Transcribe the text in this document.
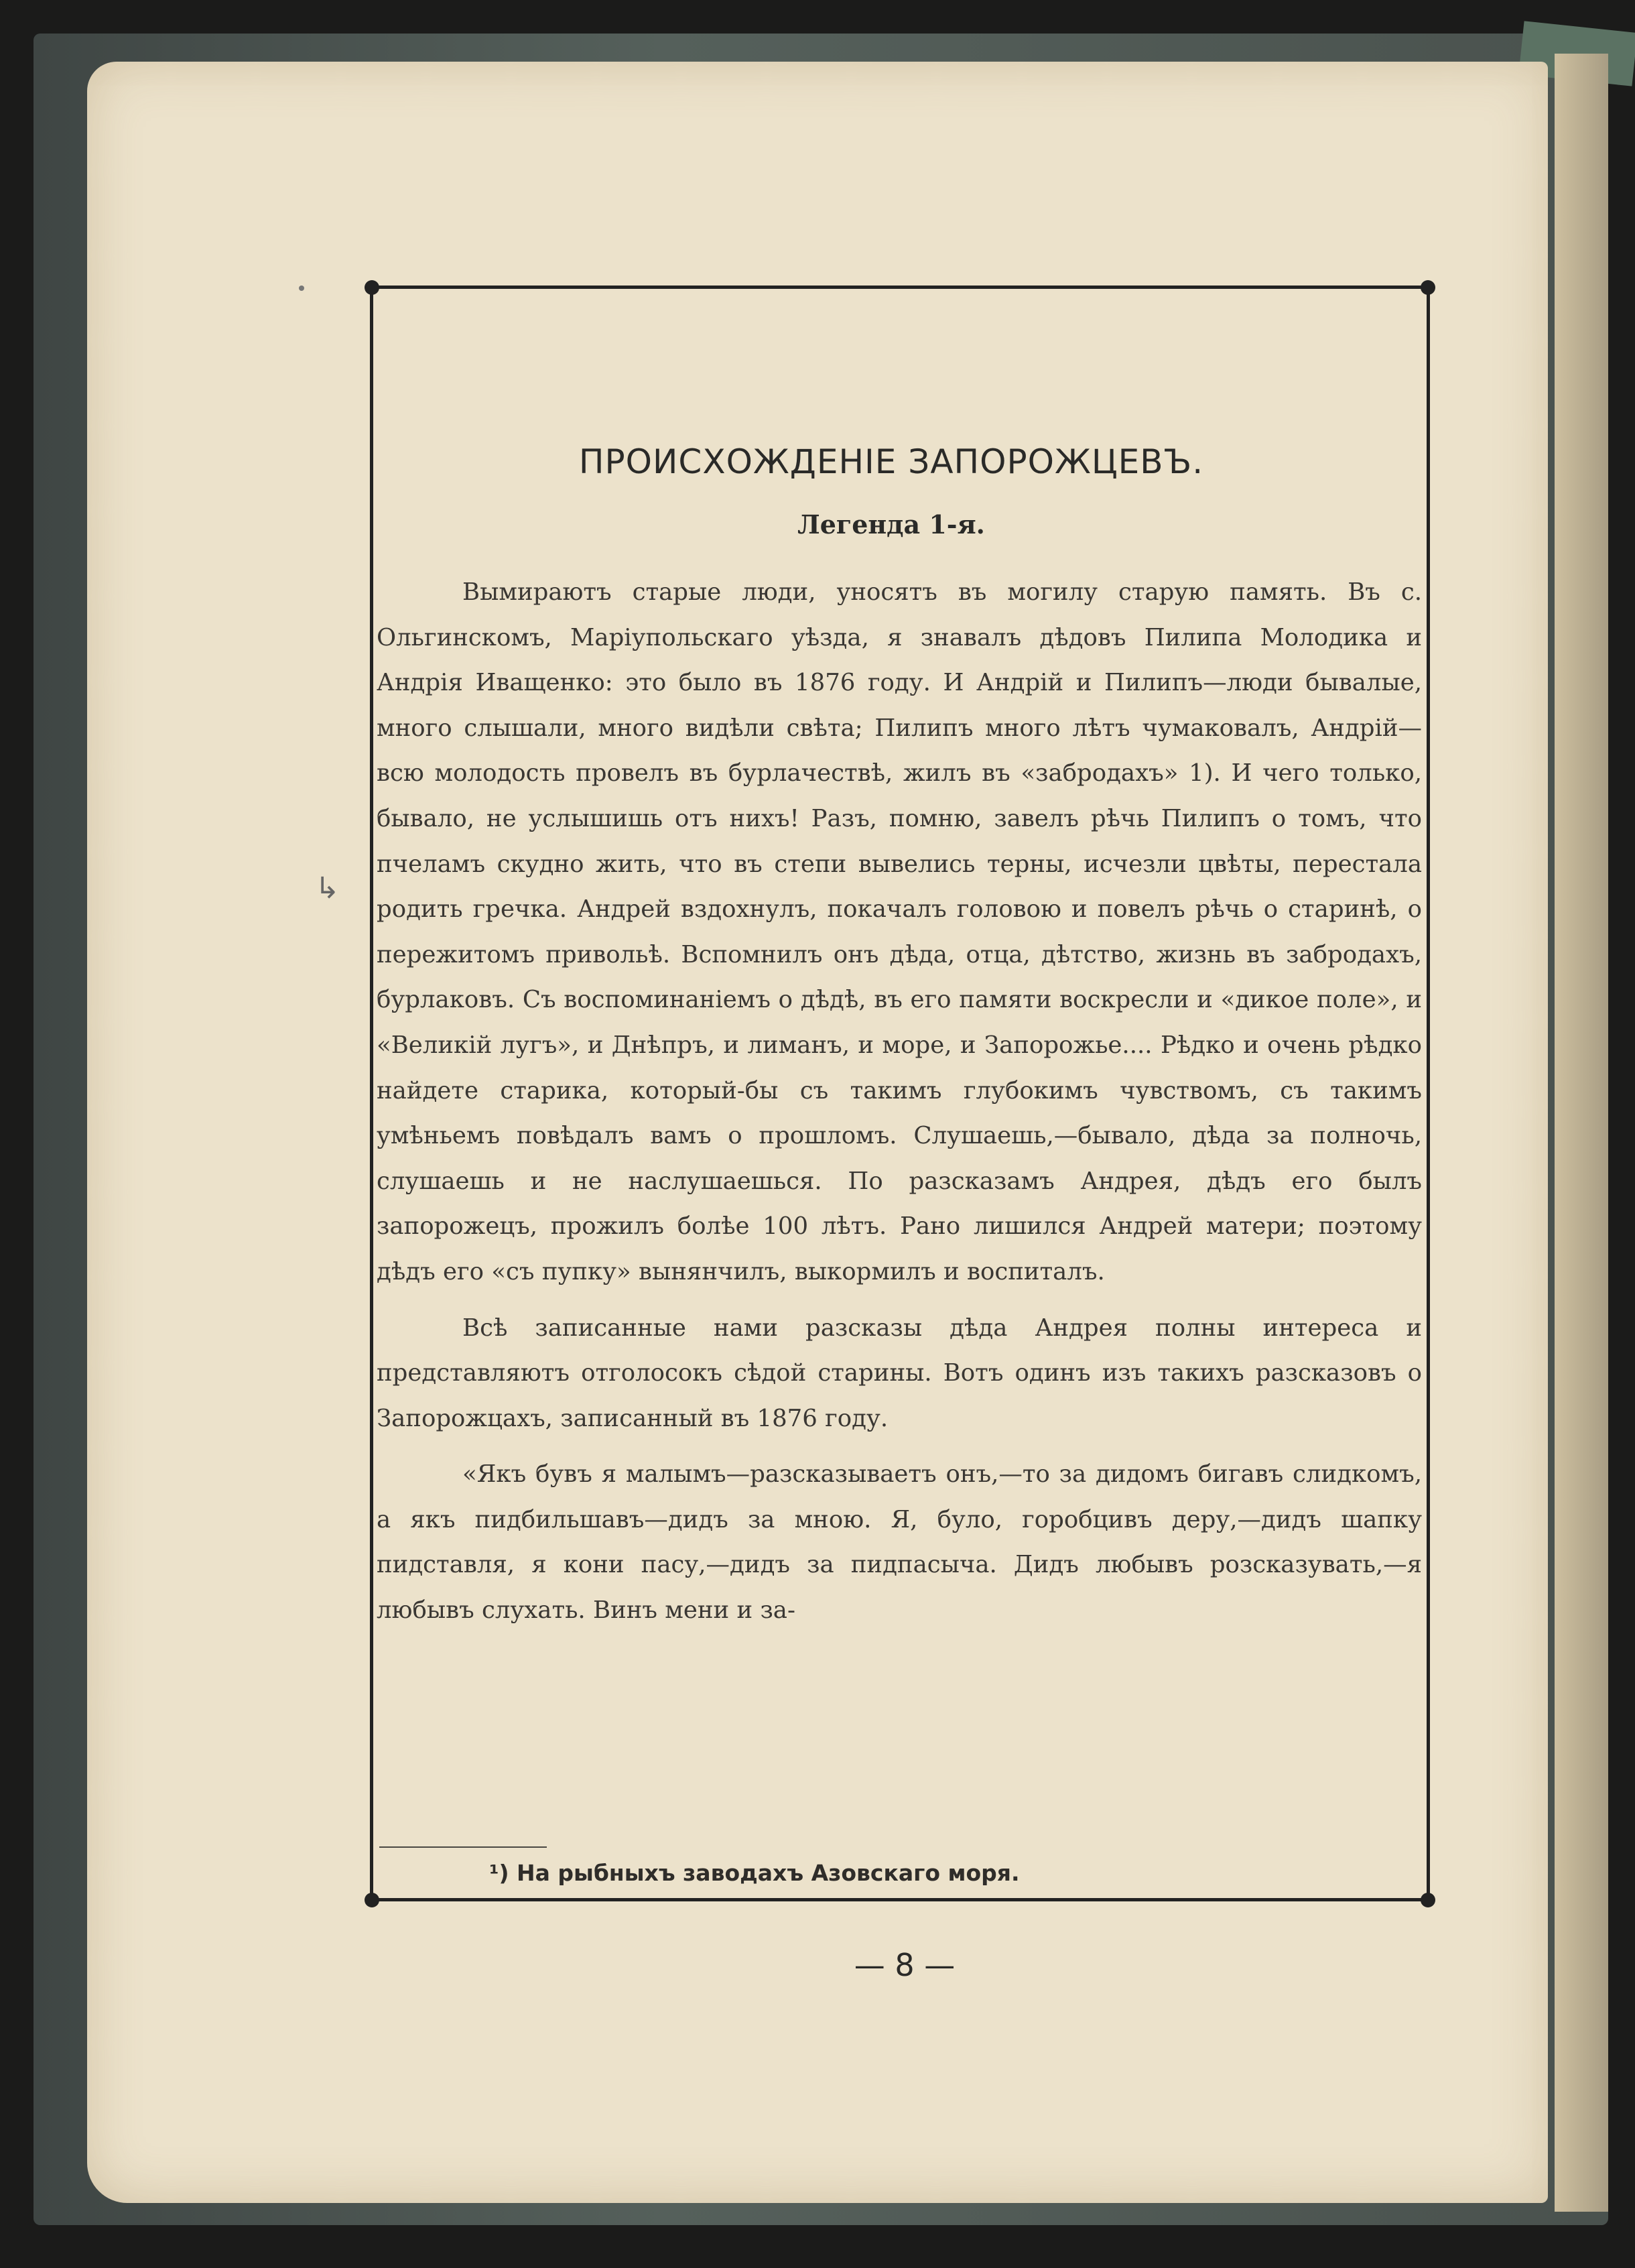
ПРОИСХОЖДЕНІЕ ЗАПОРОЖЦЕВЪ.
Легенда 1-я.
↳

Вымираютъ старые люди, уносятъ въ могилу старую память. Въ с. Ольгинскомъ, Маріупольскаго уѣзда, я знавалъ дѣдовъ Пилипа Молодика и Андрія Иващенко: это было въ 1876 году. И Андрій и Пилипъ—люди бывалые, много слышали, много видѣли свѣта; Пилипъ много лѣтъ чумаковалъ, Андрій—всю молодость провелъ въ бурлачествѣ, жилъ въ «забродахъ» 1). И чего только, бывало, не услышишь отъ нихъ! Разъ, помню, завелъ рѣчь Пилипъ о томъ, что пчеламъ скудно жить, что въ степи вывелись терны, исчезли цвѣты, перестала родить гречка. Андрей вздохнулъ, покачалъ головою и повелъ рѣчь о старинѣ, о пережитомъ привольѣ. Вспомнилъ онъ дѣда, отца, дѣтство, жизнь въ забродахъ, бурлаковъ. Съ воспоминаніемъ о дѣдѣ, въ его памяти воскресли и «дикое поле», и «Великій лугъ», и Днѣпръ, и лиманъ, и море, и Запорожье.... Рѣдко и очень рѣдко найдете старика, который-бы съ такимъ глубокимъ чувствомъ, съ такимъ умѣньемъ повѣдалъ вамъ о прошломъ. Слушаешь,—бывало, дѣда за полночь, слушаешь и не наслушаешься. По разсказамъ Андрея, дѣдъ его былъ запорожецъ, прожилъ болѣе 100 лѣтъ. Рано лишился Андрей матери; поэтому дѣдъ его «съ пупку» вынянчилъ, выкормилъ и воспиталъ.

Всѣ записанные нами разсказы дѣда Андрея полны интереса и представляютъ отголосокъ сѣдой старины. Вотъ одинъ изъ такихъ разсказовъ о Запорожцахъ, записанный въ 1876 году.

«Якъ бувъ я малымъ—разсказываетъ онъ,—то за дидомъ бигавъ слидкомъ, а якъ пидбильшавъ—дидъ за мною. Я, було, горобцивъ деру,—дидъ шапку пидставля, я кони пасу,—дидъ за пидпасыча. Дидъ любывъ розсказувать,—я любывъ слухать. Винъ мени и за-

¹) На рыбныхъ заводахъ Азовскаго моря.

— 8 —
